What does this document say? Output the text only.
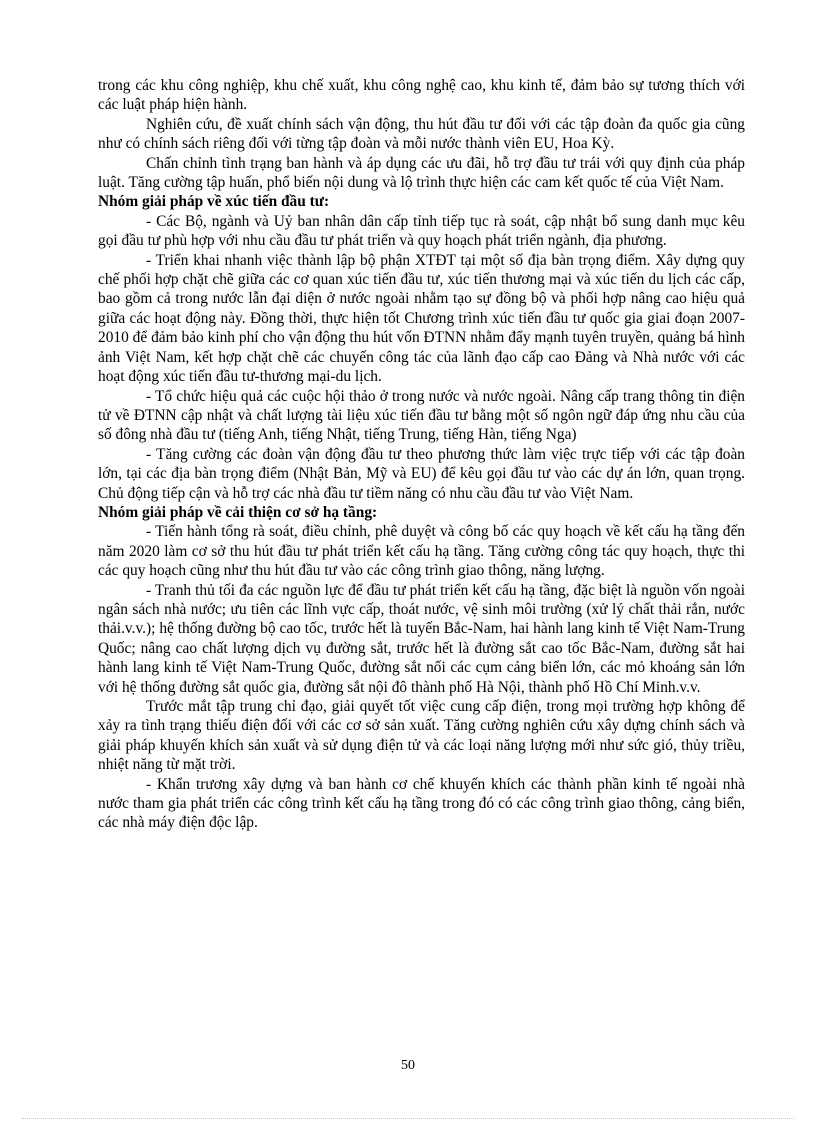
trong các khu công nghiệp, khu chế xuất, khu công nghệ cao, khu kinh tế, đảm bảo sự tương thích với các luật pháp hiện hành.

Nghiên cứu, đề xuất chính sách vận động, thu hút đầu tư đối với các tập đoàn đa quốc gia cũng như có chính sách riêng đối với từng tập đoàn và mỗi nước thành viên EU, Hoa Kỳ.

Chấn chỉnh tình trạng ban hành và áp dụng các ưu đãi, hỗ trợ đầu tư trái với quy định của pháp luật. Tăng cường tập huấn, phổ biến nội dung và lộ trình thực hiện các cam kết quốc tế của Việt Nam.

Nhóm giải pháp về xúc tiến đầu tư:

- Các Bộ, ngành và Uỷ ban nhân dân cấp tỉnh tiếp tục rà soát, cập nhật bổ sung danh mục kêu gọi đầu tư phù hợp với nhu cầu đầu tư phát triển và quy hoạch phát triển ngành, địa phương.

- Triển khai nhanh việc thành lập bộ phận XTĐT tại một số địa bàn trọng điểm. Xây dựng quy chế phối hợp chặt chẽ giữa các cơ quan xúc tiến đầu tư, xúc tiến thương mại và xúc tiến du lịch các cấp, bao gồm cả trong nước lẫn đại diện ở nước ngoài nhằm tạo sự đồng bộ và phối hợp nâng cao hiệu quả giữa các hoạt động này. Đồng thời, thực hiện tốt Chương trình xúc tiến đầu tư quốc gia giai đoạn 2007-2010 để đảm bảo kinh phí cho vận động thu hút vốn ĐTNN nhằm đẩy mạnh tuyên truyền, quảng bá hình ảnh Việt Nam, kết hợp chặt chẽ các chuyến công tác của lãnh đạo cấp cao Đảng và Nhà nước với các hoạt động xúc tiến đầu tư-thương mại-du lịch.

- Tổ chức hiệu quả các cuộc hội thảo ở trong nước và nước ngoài. Nâng cấp trang thông tin điện tử về ĐTNN cập nhật và chất lượng tài liệu xúc tiến đầu tư bằng một số ngôn ngữ đáp ứng nhu cầu của số đông nhà đầu tư (tiếng Anh, tiếng Nhật, tiếng Trung, tiếng Hàn, tiếng Nga)

- Tăng cường các đoàn vận động đầu tư theo phương thức làm việc trực tiếp với các tập đoàn lớn, tại các địa bàn trọng điểm (Nhật Bản, Mỹ và EU) để kêu gọi đầu tư vào các dự án lớn, quan trọng. Chủ động tiếp cận và hỗ trợ các nhà đầu tư tiềm năng có nhu cầu đầu tư vào Việt Nam.

Nhóm giải pháp về cải thiện cơ sở hạ tầng:

- Tiến hành tổng rà soát, điều chỉnh, phê duyệt và công bố các quy hoạch về kết cấu hạ tầng đến năm 2020 làm cơ sở thu hút đầu tư phát triển kết cấu hạ tầng. Tăng cường công tác quy hoạch, thực thi các quy hoạch cũng như thu hút đầu tư vào các công trình giao thông, năng lượng.

- Tranh thủ tối đa các nguồn lực để đầu tư phát triển kết cấu hạ tầng, đặc biệt là nguồn vốn ngoài ngân sách nhà nước; ưu tiên các lĩnh vực cấp, thoát nước, vệ sinh môi trường (xử lý chất thải rắn, nước thải.v.v.); hệ thống đường bộ cao tốc, trước hết là tuyến Bắc-Nam, hai hành lang kinh tế Việt Nam-Trung Quốc; nâng cao chất lượng dịch vụ đường sắt, trước hết là đường sắt cao tốc Bắc-Nam, đường sắt hai hành lang kinh tế Việt Nam-Trung Quốc, đường sắt nối các cụm cảng biển lớn, các mỏ khoáng sản lớn với hệ thống đường sắt quốc gia, đường sắt nội đô thành phố Hà Nội, thành phố Hồ Chí Minh.v.v.

Trước mắt tập trung chỉ đạo, giải quyết tốt việc cung cấp điện, trong mọi trường hợp không để xảy ra tình trạng thiếu điện đối với các cơ sở sản xuất. Tăng cường nghiên cứu xây dựng chính sách và giải pháp khuyến khích sản xuất và sử dụng điện tử và các loại năng lượng mới như sức gió, thủy triều, nhiệt năng từ mặt trời.

- Khẩn trương xây dựng và ban hành cơ chế khuyến khích các thành phần kinh tế ngoài nhà nước tham gia phát triển các công trình kết cấu hạ tầng trong đó có các công trình giao thông, cảng biển, các nhà máy điện độc lập.

50
